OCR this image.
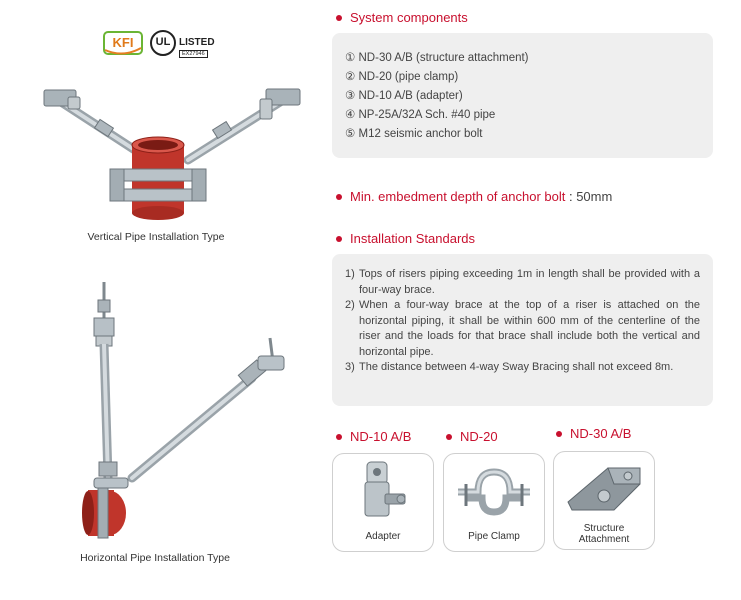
KFI	UL LISTED
EX27946
Vertical Pipe Installation Type
Horizontal Pipe Installation Type
System components
① ND-30 A/B (structure attachment)
② ND-20 (pipe clamp)
③ ND-10 A/B (adapter)
④ NP-25A/32A Sch. #40 pipe
⑤ M12 seismic anchor bolt
Min. embedment depth of anchor bolt : 50mm
Installation Standards
1) Tops of risers piping exceeding 1m in length shall be provided with a four-way brace.
2) When a four-way brace at the top of a riser is attached on the horizontal piping, it shall be within 600 mm of the centerline of the riser and the loads for that brace shall include both the vertical and horizontal pipe.
3) The distance between 4-way Sway Bracing shall not exceed 8m.
ND-10 A/B	ND-20	ND-30 A/B
Adapter	Pipe Clamp
Structure Attachment
